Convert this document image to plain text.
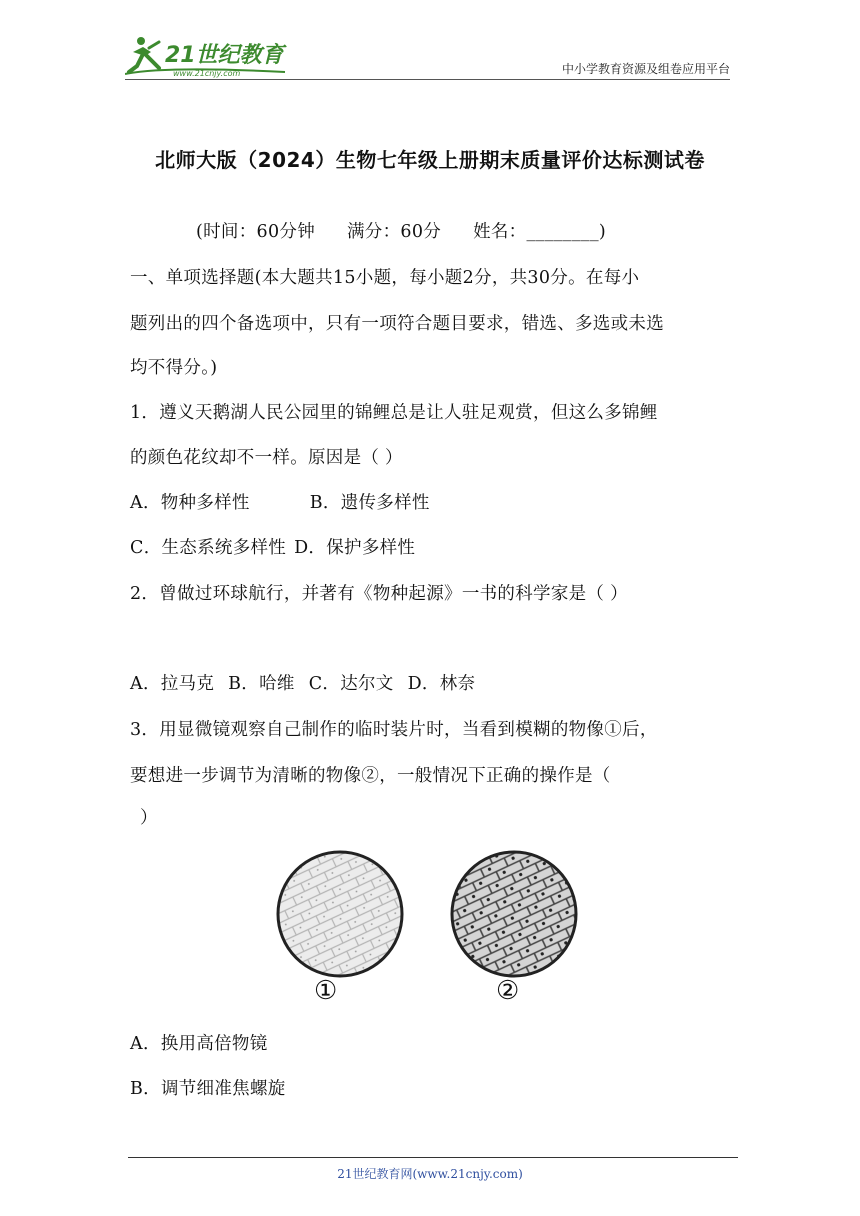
21世纪教育
www.21cnjy.com	中小学教育资源及组卷应用平台
北师大版（2024）生物七年级上册期末质量评价达标测试卷
(时间：60分钟 满分：60分 姓名：________)
一、单项选择题(本大题共15小题，每小题2分，共30分。在每小
题列出的四个备选项中，只有一项符合题目要求，错选、多选或未选
均不得分。)
1．遵义天鹅湖人民公园里的锦鲤总是让人驻足观赏，但这么多锦鲤
的颜色花纹却不一样。原因是（ ）
A．物种多样性	B．遗传多样性
C．生态系统多样性 D．保护多样性
2．曾做过环球航行，并著有《物种起源》一书的科学家是（ ）
A．拉马克 B．哈维 C．达尔文 D．林奈
3．用显微镜观察自己制作的临时装片时，当看到模糊的物像①后，
要想进一步调节为清晰的物像②，一般情况下正确的操作是（
）
①	②
A．换用高倍物镜
B．调节细准焦螺旋
21世纪教育网(www.21cnjy.com)
